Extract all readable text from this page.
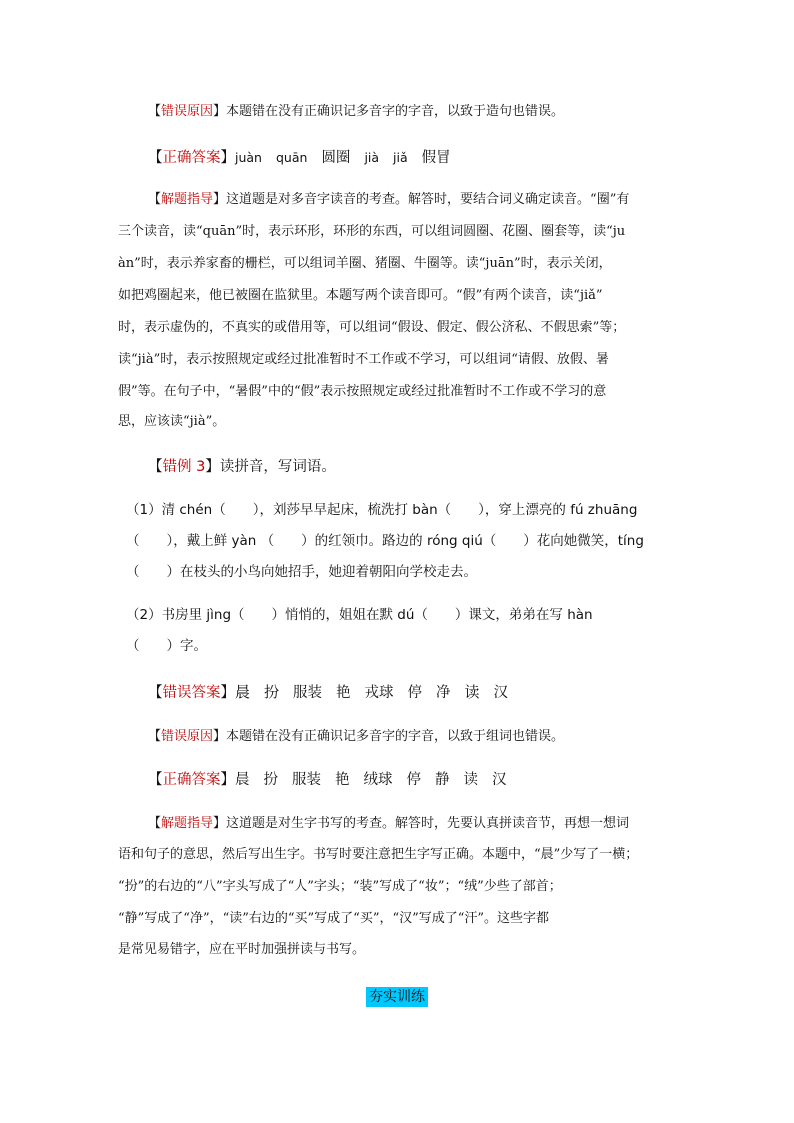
【错误原因】本题错在没有正确识记多音字的字音，以致于造句也错误。
【正确答案】juàn quān 圆圈 jià jiǎ 假冒
【解题指导】这道题是对多音字读音的考查。解答时，要结合词义确定读音。“圈”有
三个读音，读“quān”时，表示环形，环形的东西，可以组词圆圈、花圈、圈套等，读“ju
àn”时，表示养家畜的栅栏，可以组词羊圈、猪圈、牛圈等。读“juān”时，表示关闭，
如把鸡圈起来，他已被圈在监狱里。本题写两个读音即可。“假”有两个读音，读“jiǎ”
时，表示虚伪的，不真实的或借用等，可以组词“假设、假定、假公济私、不假思索”等；
读“jià”时，表示按照规定或经过批准暂时不工作或不学习，可以组词“请假、放假、暑
假”等。在句子中，“暑假”中的“假”表示按照规定或经过批准暂时不工作或不学习的意
思，应该读“jià”。
【错例 3】读拼音，写词语。
（1）清 chén（　　），刘莎早早起床，梳洗打 bàn（　　），穿上漂亮的 fú zhuāng
（　　），戴上鲜 yàn （　　）的红领巾。路边的 róng qiú（　　）花向她微笑，tíng
（　　）在枝头的小鸟向她招手，她迎着朝阳向学校走去。
（2）书房里 jìng（　　）悄悄的，姐姐在默 dú（　　）课文，弟弟在写 hàn
（　　）字。
【错误答案】晨 扮 服装 艳 戎球 停 净 读 汉
【错误原因】本题错在没有正确识记多音字的字音，以致于组词也错误。
【正确答案】晨 扮 服装 艳 绒球 停 静 读 汉
【解题指导】这道题是对生字书写的考查。解答时，先要认真拼读音节，再想一想词
语和句子的意思，然后写出生字。书写时要注意把生字写正确。本题中，“晨”少写了一横；
“扮”的右边的“八”字头写成了“人”字头；“装”写成了“妆”；“绒”少些了部首；
“静”写成了“净”，“读”右边的“买”写成了“买”，“汉”写成了“汗”。这些字都
是常见易错字，应在平时加强拼读与书写。
夯实训练
